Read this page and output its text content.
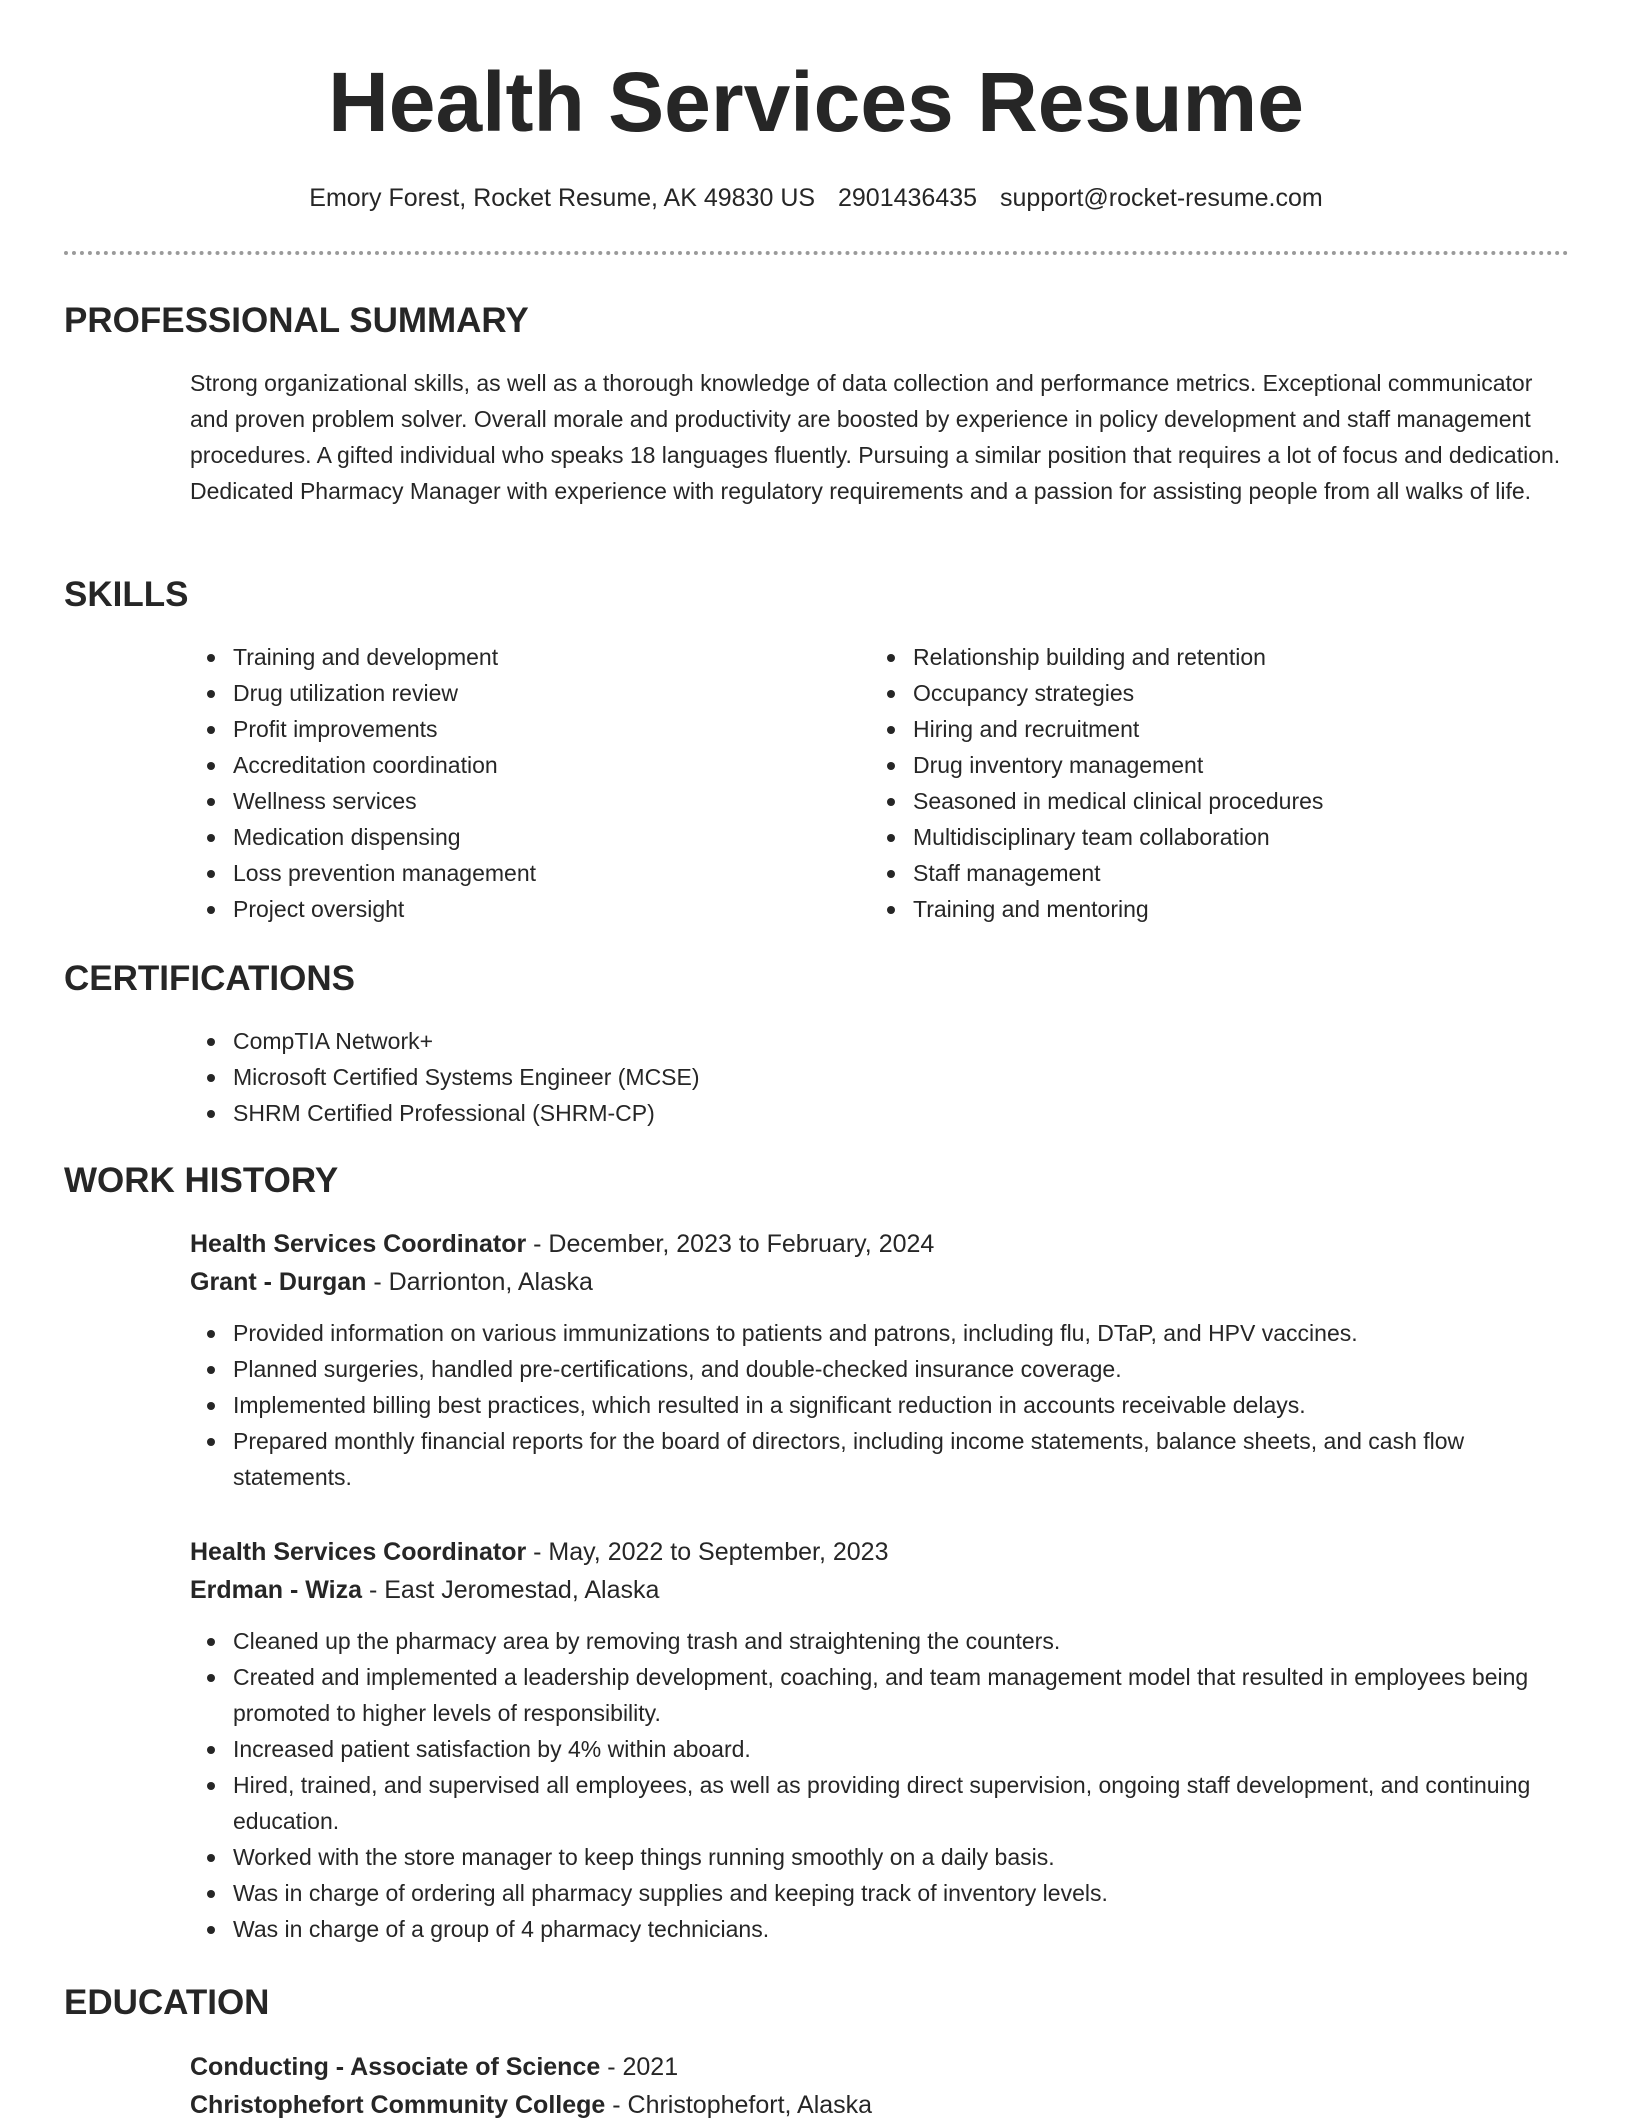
Health Services Resume
Emory Forest, Rocket Resume, AK 49830 US 2901436435 support@rocket-resume.com
PROFESSIONAL SUMMARY

Strong organizational skills, as well as a thorough knowledge of data collection and performance metrics. Exceptional communicator and proven problem solver. Overall morale and productivity are boosted by experience in policy development and staff management procedures. A gifted individual who speaks 18 languages fluently. Pursuing a similar position that requires a lot of focus and dedication. Dedicated Pharmacy Manager with experience with regulatory requirements and a passion for assisting people from all walks of life.

SKILLS
Training and development
Drug utilization review
Profit improvements
Accreditation coordination
Wellness services
Medication dispensing
Loss prevention management
Project oversight
Relationship building and retention
Occupancy strategies
Hiring and recruitment
Drug inventory management
Seasoned in medical clinical procedures
Multidisciplinary team collaboration
Staff management
Training and mentoring
CERTIFICATIONS
CompTIA Network+
Microsoft Certified Systems Engineer (MCSE)
SHRM Certified Professional (SHRM-CP)
WORK HISTORY
Health Services Coordinator - December, 2023 to February, 2024
Grant - Durgan - Darrionton, Alaska
Provided information on various immunizations to patients and patrons, including flu, DTaP, and HPV vaccines.
Planned surgeries, handled pre-certifications, and double-checked insurance coverage.
Implemented billing best practices, which resulted in a significant reduction in accounts receivable delays.
Prepared monthly financial reports for the board of directors, including income statements, balance sheets, and cash flow statements.
Health Services Coordinator - May, 2022 to September, 2023
Erdman - Wiza - East Jeromestad, Alaska
Cleaned up the pharmacy area by removing trash and straightening the counters.
Created and implemented a leadership development, coaching, and team management model that resulted in employees being promoted to higher levels of responsibility.
Increased patient satisfaction by 4% within aboard.
Hired, trained, and supervised all employees, as well as providing direct supervision, ongoing staff development, and continuing education.
Worked with the store manager to keep things running smoothly on a daily basis.
Was in charge of ordering all pharmacy supplies and keeping track of inventory levels.
Was in charge of a group of 4 pharmacy technicians.
EDUCATION
Conducting - Associate of Science - 2021
Christophefort Community College - Christophefort, Alaska
